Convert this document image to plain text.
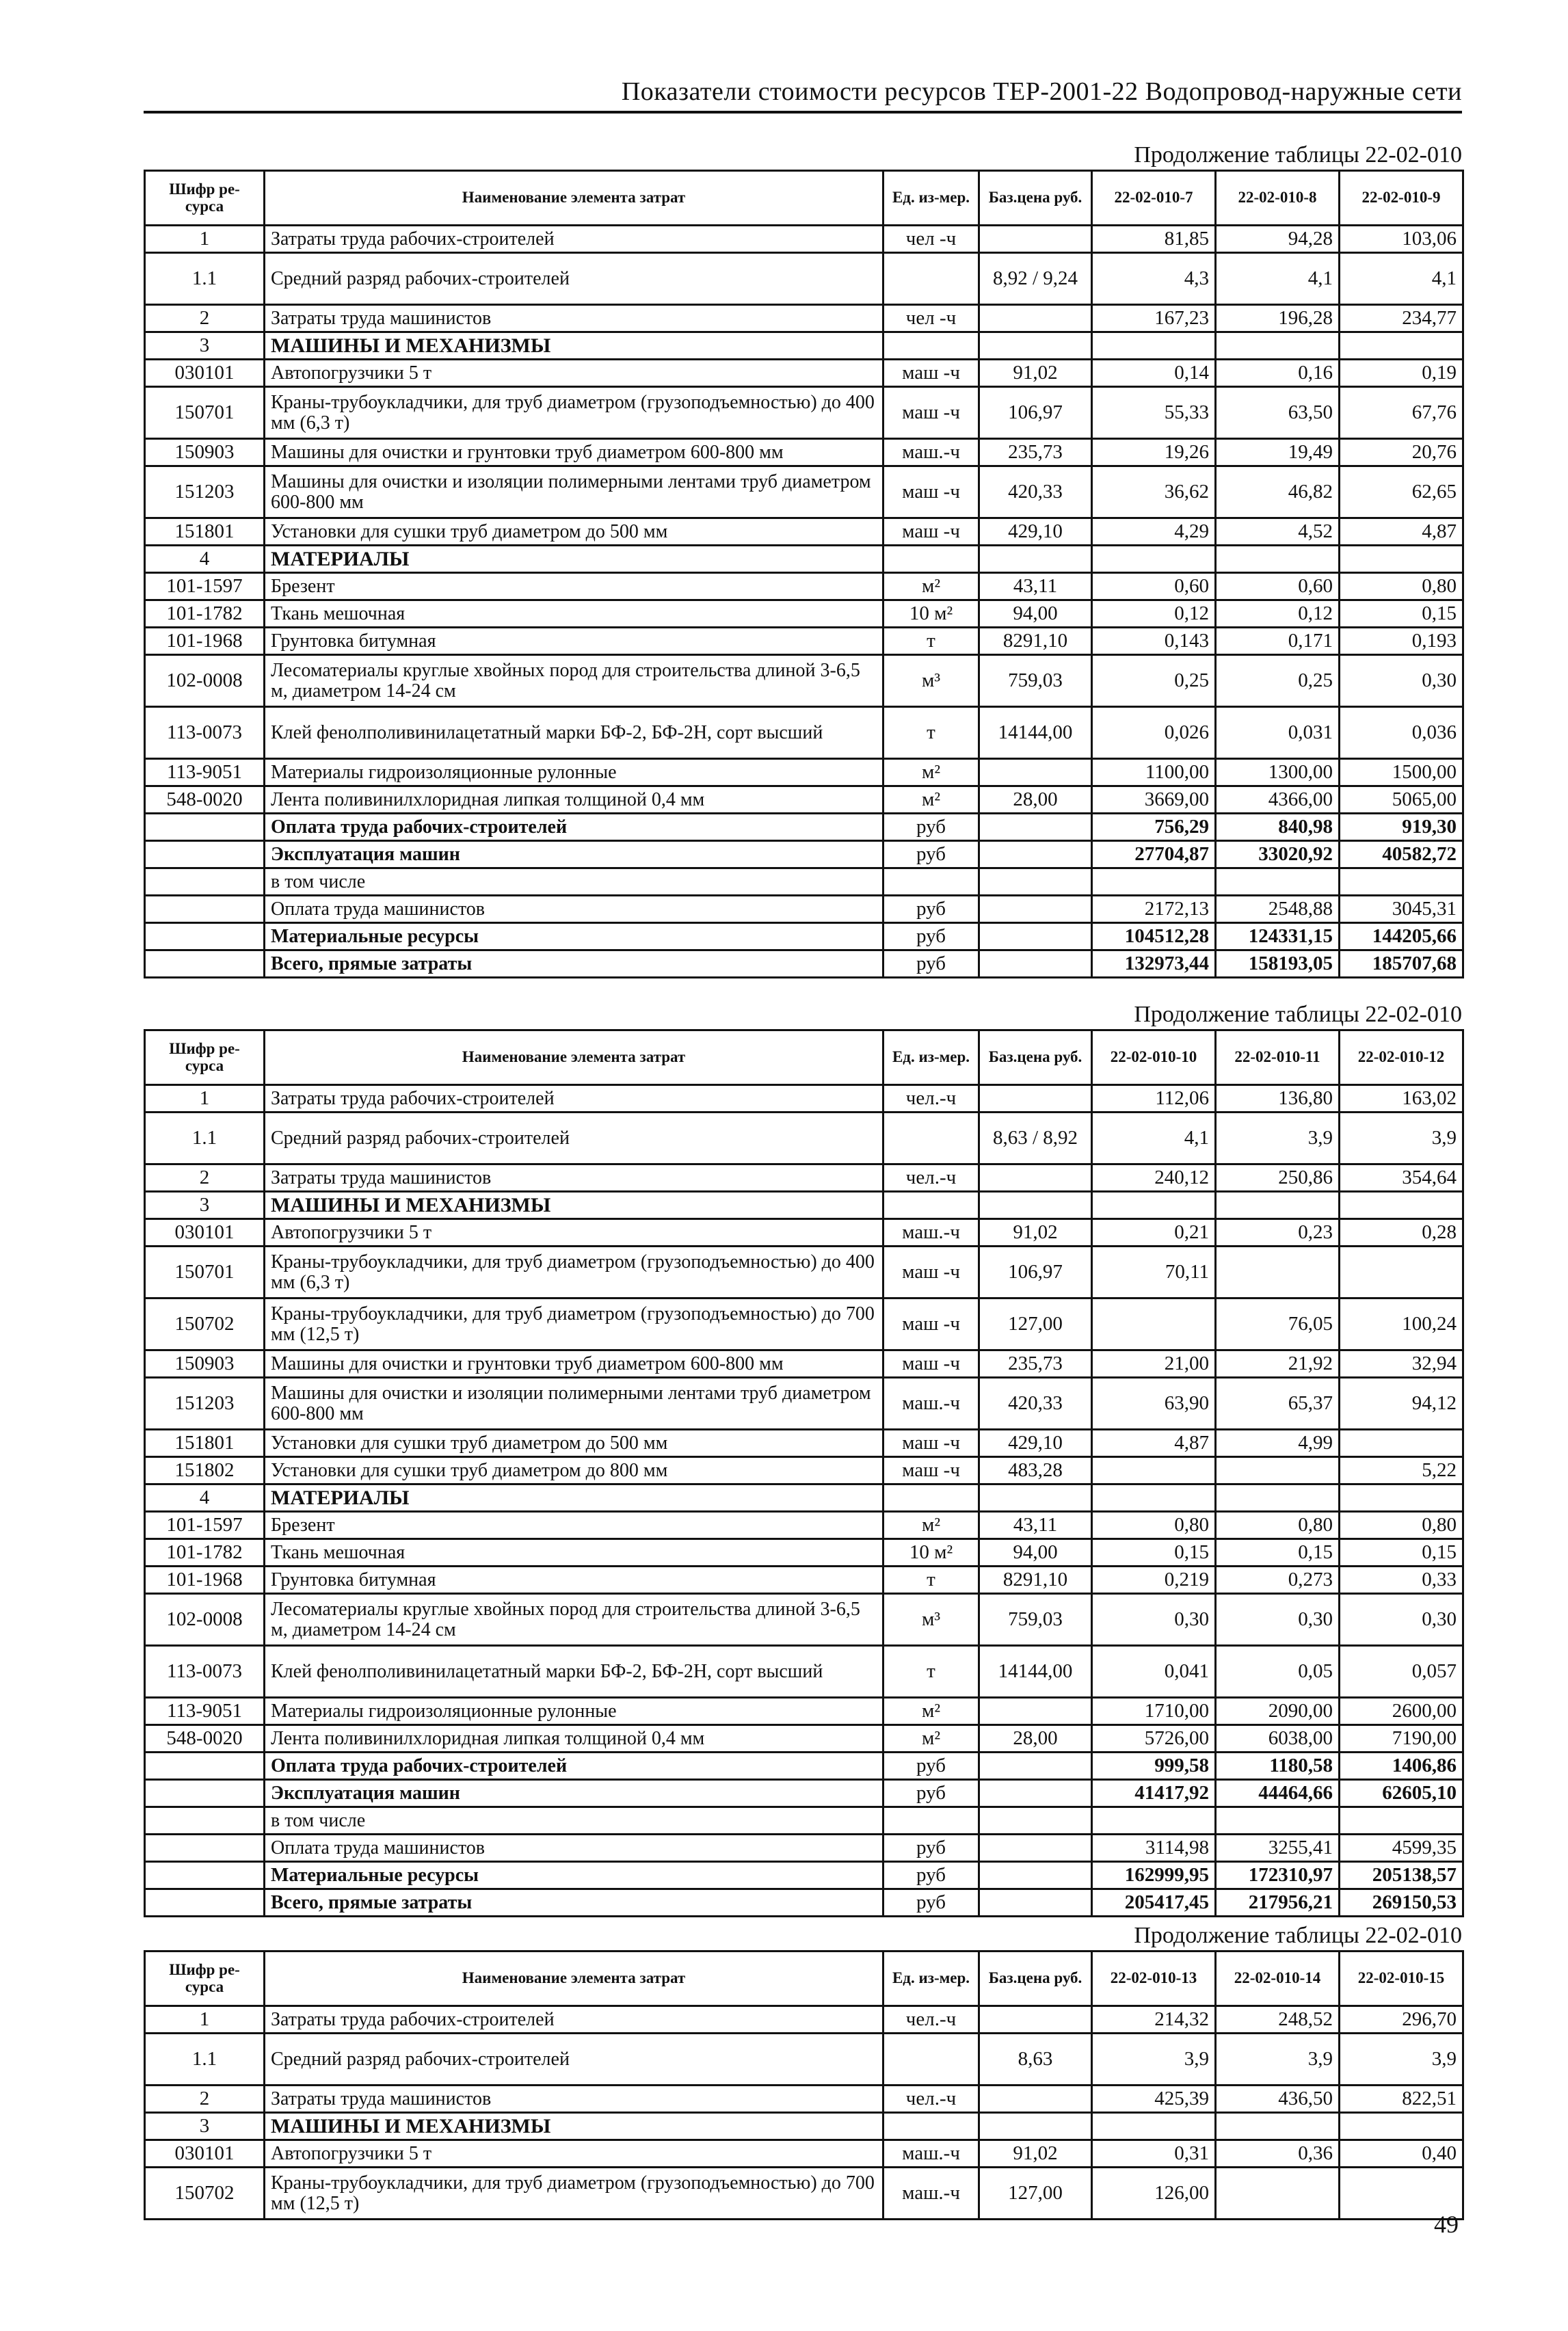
Показатели стоимости ресурсов ТЕР-2001-22 Водопровод-наружные сети
Продолжение таблицы 22-02-010
Шифр ре-сурса	Наименование элемента затрат	Ед. из-мер.	Баз.цена руб.	22-02-010-7	22-02-010-8	22-02-010-9
1	Затраты труда рабочих-строителей	чел -ч		81,85	94,28	103,06
1.1	Средний разряд рабочих-строителей		8,92 / 9,24	4,3	4,1	4,1
2	Затраты труда машинистов	чел -ч		167,23	196,28	234,77
3	МАШИНЫ И МЕХАНИЗМЫ					
030101	Автопогрузчики 5 т	маш -ч	91,02	0,14	0,16	0,19
150701	Краны-трубоукладчики, для труб диаметром (грузоподъемностью) до 400 мм (6,3 т)	маш -ч	106,97	55,33	63,50	67,76
150903	Машины для очистки и грунтовки труб диаметром 600-800 мм	маш.-ч	235,73	19,26	19,49	20,76
151203	Машины для очистки и изоляции полимерными лентами труб диаметром 600-800 мм	маш -ч	420,33	36,62	46,82	62,65
151801	Установки для сушки труб диаметром до 500 мм	маш -ч	429,10	4,29	4,52	4,87
4	МАТЕРИАЛЫ					
101-1597	Брезент	м²	43,11	0,60	0,60	0,80
101-1782	Ткань мешочная	10 м²	94,00	0,12	0,12	0,15
101-1968	Грунтовка битумная	т	8291,10	0,143	0,171	0,193
102-0008	Лесоматериалы круглые хвойных пород для строительства длиной 3-6,5 м, диаметром 14-24 см	м³	759,03	0,25	0,25	0,30
113-0073	Клей фенолполивинилацетатный марки БФ-2, БФ-2Н, сорт высший	т	14144,00	0,026	0,031	0,036
113-9051	Материалы гидроизоляционные рулонные	м²		1100,00	1300,00	1500,00
548-0020	Лента поливинилхлоридная липкая толщиной 0,4 мм	м²	28,00	3669,00	4366,00	5065,00
	Оплата труда рабочих-строителей	руб		756,29	840,98	919,30
	Эксплуатация машин	руб		27704,87	33020,92	40582,72
	в том числе					
	Оплата труда машинистов	руб		2172,13	2548,88	3045,31
	Материальные ресурсы	руб		104512,28	124331,15	144205,66
	Всего, прямые затраты	руб		132973,44	158193,05	185707,68
Продолжение таблицы 22-02-010
Шифр ре-сурса	Наименование элемента затрат	Ед. из-мер.	Баз.цена руб.	22-02-010-10	22-02-010-11	22-02-010-12
1	Затраты труда рабочих-строителей	чел.-ч		112,06	136,80	163,02
1.1	Средний разряд рабочих-строителей		8,63 / 8,92	4,1	3,9	3,9
2	Затраты труда машинистов	чел.-ч		240,12	250,86	354,64
3	МАШИНЫ И МЕХАНИЗМЫ					
030101	Автопогрузчики 5 т	маш.-ч	91,02	0,21	0,23	0,28
150701	Краны-трубоукладчики, для труб диаметром (грузоподъемностью) до 400 мм (6,3 т)	маш -ч	106,97	70,11		
150702	Краны-трубоукладчики, для труб диаметром (грузоподъемностью) до 700 мм (12,5 т)	маш -ч	127,00		76,05	100,24
150903	Машины для очистки и грунтовки труб диаметром 600-800 мм	маш -ч	235,73	21,00	21,92	32,94
151203	Машины для очистки и изоляции полимерными лентами труб диаметром 600-800 мм	маш.-ч	420,33	63,90	65,37	94,12
151801	Установки для сушки труб диаметром до 500 мм	маш -ч	429,10	4,87	4,99	
151802	Установки для сушки труб диаметром до 800 мм	маш -ч	483,28			5,22
4	МАТЕРИАЛЫ					
101-1597	Брезент	м²	43,11	0,80	0,80	0,80
101-1782	Ткань мешочная	10 м²	94,00	0,15	0,15	0,15
101-1968	Грунтовка битумная	т	8291,10	0,219	0,273	0,33
102-0008	Лесоматериалы круглые хвойных пород для строительства длиной 3-6,5 м, диаметром 14-24 см	м³	759,03	0,30	0,30	0,30
113-0073	Клей фенолполивинилацетатный марки БФ-2, БФ-2Н, сорт высший	т	14144,00	0,041	0,05	0,057
113-9051	Материалы гидроизоляционные рулонные	м²		1710,00	2090,00	2600,00
548-0020	Лента поливинилхлоридная липкая толщиной 0,4 мм	м²	28,00	5726,00	6038,00	7190,00
	Оплата труда рабочих-строителей	руб		999,58	1180,58	1406,86
	Эксплуатация машин	руб		41417,92	44464,66	62605,10
	в том числе					
	Оплата труда машинистов	руб		3114,98	3255,41	4599,35
	Материальные ресурсы	руб		162999,95	172310,97	205138,57
	Всего, прямые затраты	руб		205417,45	217956,21	269150,53
Продолжение таблицы 22-02-010
Шифр ре-сурса	Наименование элемента затрат	Ед. из-мер.	Баз.цена руб.	22-02-010-13	22-02-010-14	22-02-010-15
1	Затраты труда рабочих-строителей	чел.-ч		214,32	248,52	296,70
1.1	Средний разряд рабочих-строителей		8,63	3,9	3,9	3,9
2	Затраты труда машинистов	чел.-ч		425,39	436,50	822,51
3	МАШИНЫ И МЕХАНИЗМЫ					
030101	Автопогрузчики 5 т	маш.-ч	91,02	0,31	0,36	0,40
150702	Краны-трубоукладчики, для труб диаметром (грузоподъемностью) до 700 мм (12,5 т)	маш.-ч	127,00	126,00		
49
